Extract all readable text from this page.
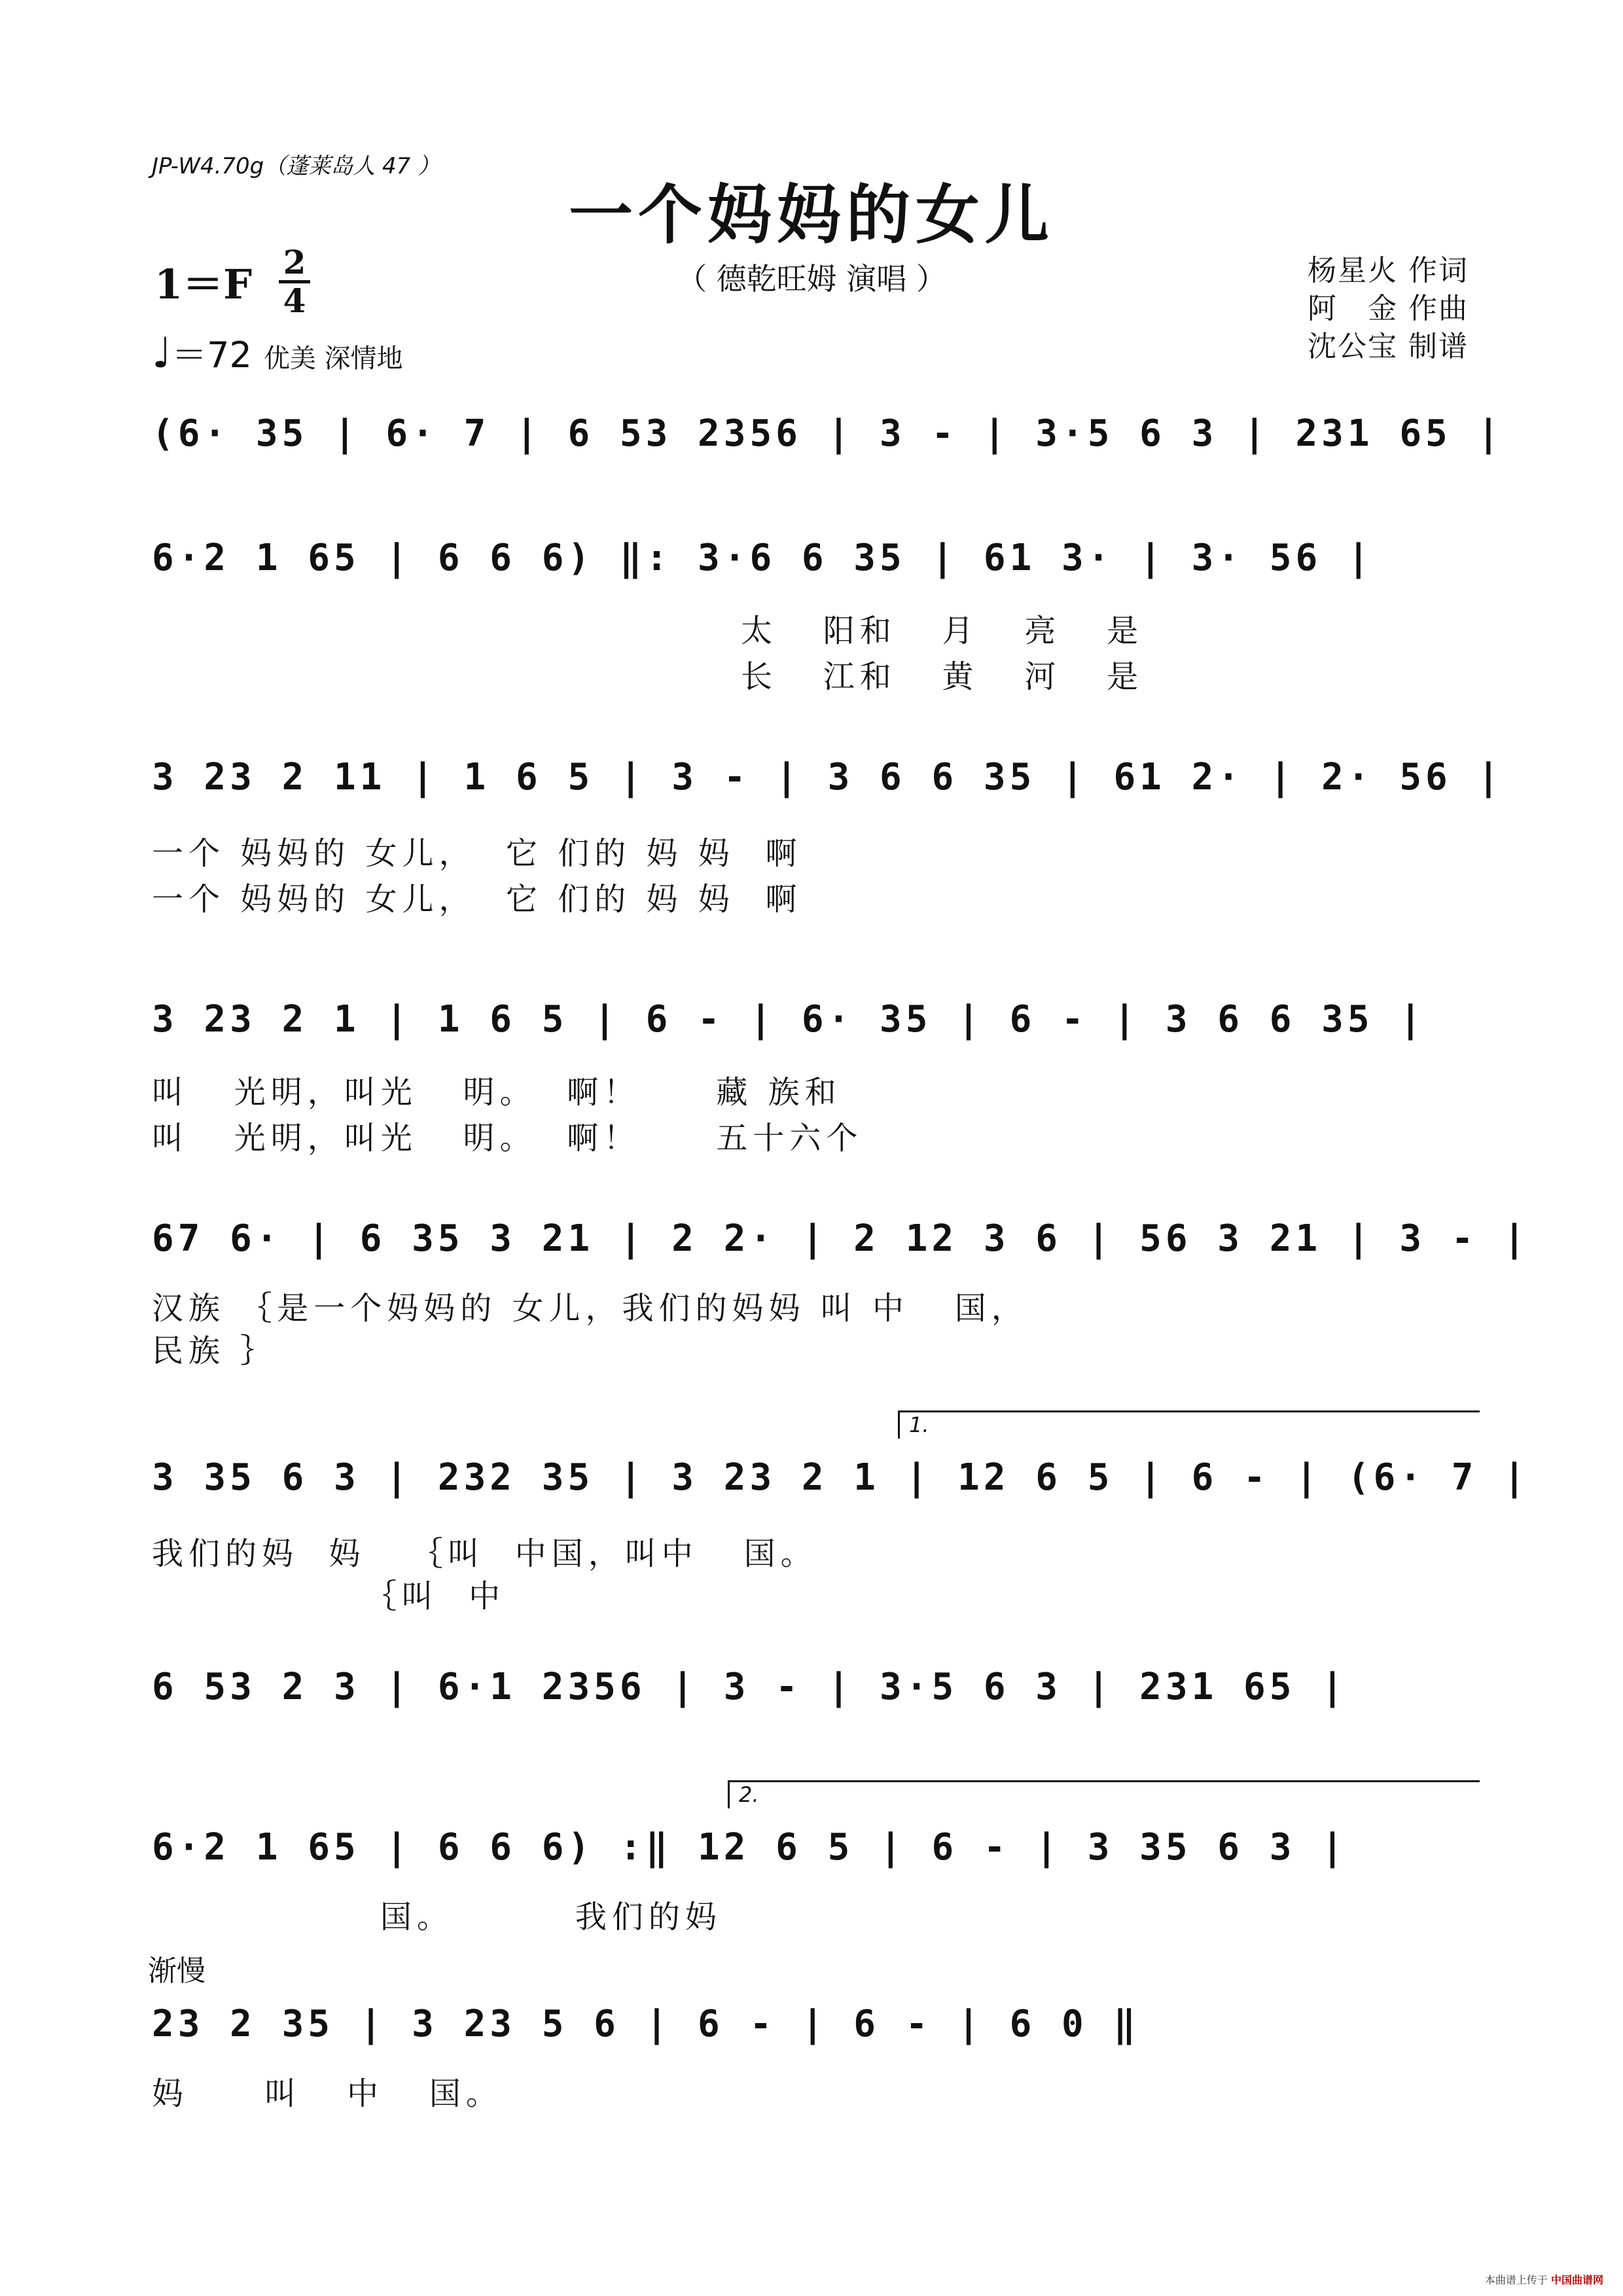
JP-W4.70g（蓬莱岛人 47 ）
一个妈妈的女儿
（ 德乾旺姆 演唱 ）
1＝F 2
4
♩＝72 优美 深情地
杨星火 作词
阿　金 作曲
沈公宝 制谱
(6· 35 | 6· 7 | 6 53 2356 | 3 - | 3·5 6 3 | 231 65 |
6·2 1 65 | 6 6 6) ‖: 3·6 6 35 | 61 3· | 3· 56 |
太   阳和   月   亮   是
长   江和   黄   河   是
3 23 2 11 | 1 6 5 | 3 - | 3 6 6 35 | 61 2· | 2· 56 |
一个 妈妈的 女儿，  它 们的 妈 妈  啊
一个 妈妈的 女儿，  它 们的 妈 妈  啊
3 23 2 1 | 1 6 5 | 6 - | 6· 35 | 6 - | 3 6 6 35 |
叫   光明，叫光   明。  啊！     藏 族和
叫   光明，叫光   明。  啊！     五十六个
67 6· | 6 35 3 21 | 2 2· | 2 12 3 6 | 56 3 21 | 3 - |
汉族 ｛是一个妈妈的 女儿，我们的妈妈 叫 中   国，
民族 ｝
1.
3 35 6 3 | 232 35 | 3 23 2 1 | 12 6 5 | 6 - | (6· 7 |
我们的妈  妈   ｛叫  中国，叫中   国。
｛叫  中
6 53 2 3 | 6·1 2356 | 3 - | 3·5 6 3 | 231 65 |
2.
6·2 1 65 | 6 6 6) :‖ 12 6 5 | 6 - | 3 35 6 3 |
国。        我们的妈
渐慢
23 2 35 | 3 23 5 6 | 6 - | 6 - | 6 0 ‖
妈     叫   中   国。
本曲谱上传于 中国曲谱网
